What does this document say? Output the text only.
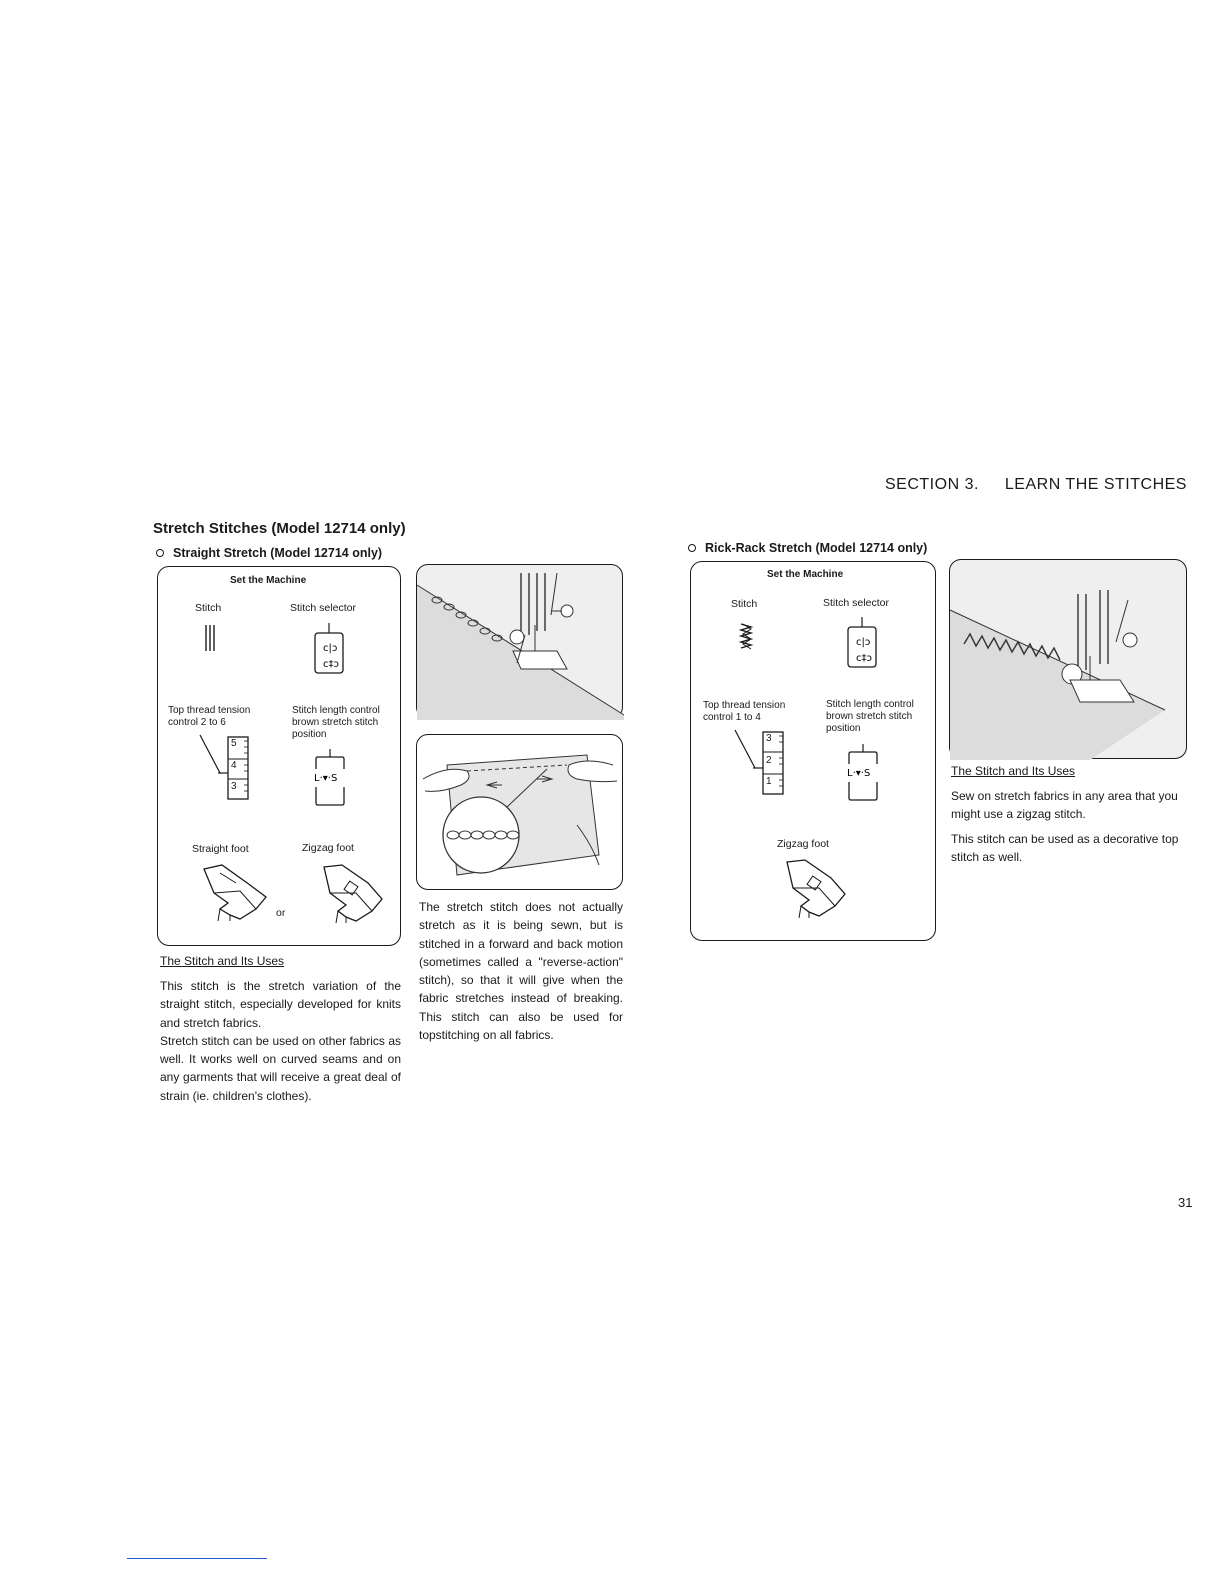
SECTION 3. LEARN THE STITCHES
Stretch Stitches (Model 12714 only)
Straight Stretch (Model 12714 only)
Set the Machine
Stitch	Stitch selector
c|ɔ
c‡ɔ
Top thread tension control 2 to 6
Stitch length control brown stretch stitch position
5
4
3
L·▾·S
Straight foot	Zigzag foot
or
The Stitch and Its Uses

This stitch is the stretch variation of the straight stitch, especially developed for knits and stretch fabrics.

Stretch stitch can be used on other fabrics as well. It works well on curved seams and on any garments that will receive a great deal of strain (ie. children's clothes).

The stretch stitch does not actually stretch as it is being sewn, but is stitched in a forward and back motion (sometimes called a "reverse-action" stitch), so that it will give when the fabric stretches instead of breaking. This stitch can also be used for topstitching on all fabrics.
Rick-Rack Stretch (Model 12714 only)
Set the Machine
Stitch	Stitch selector
c|ɔ
c‡ɔ
Top thread tension control 1 to 4
Stitch length control brown stretch stitch position
3
2
1
L·▾·S
Zigzag foot
The Stitch and Its Uses

Sew on stretch fabrics in any area that you might use a zigzag stitch.

This stitch can be used as a decorative top stitch as well.

31
